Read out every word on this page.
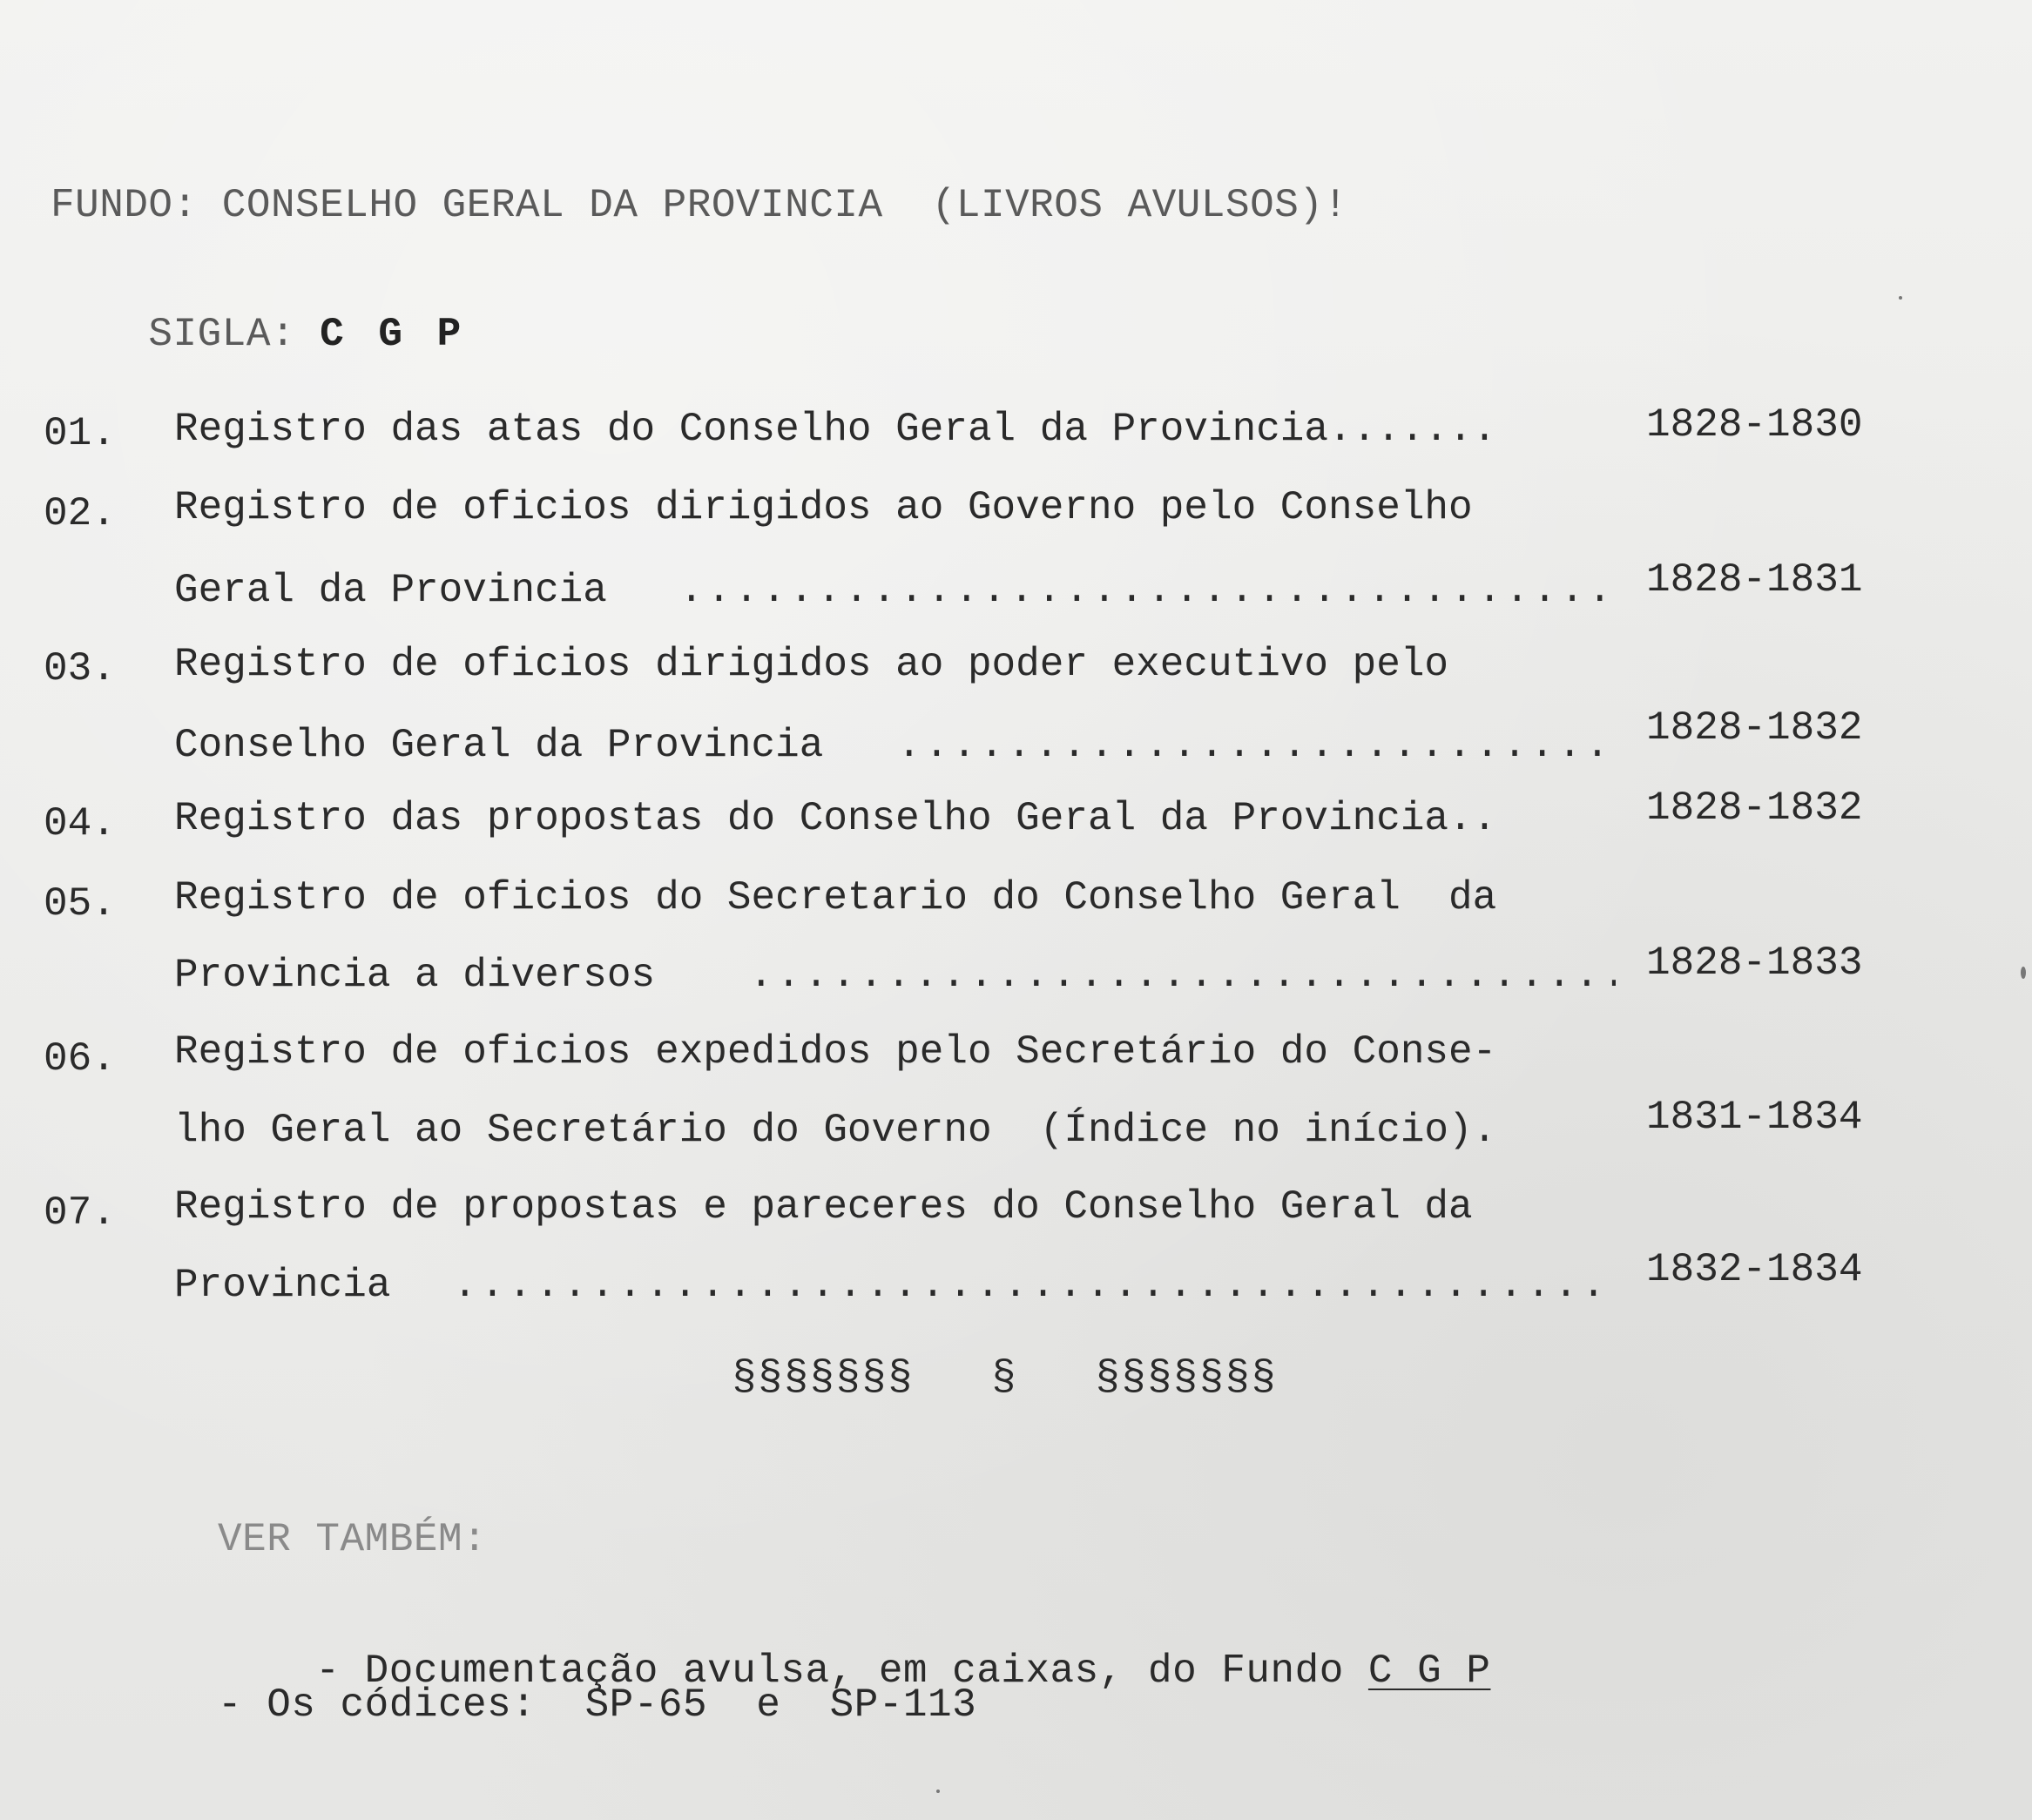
FUNDO: CONSELHO GERAL DA PROVINCIA  (LIVROS AVULSOS)!

SIGLA: C G P

01. Registro das atas do Conselho Geral da Provincia.......	1828-1830
02. Registro de oficios dirigidos ao Governo pelo Conselho
Geral da Provincia .....	1828-1831
03. Registro de oficios dirigidos ao poder executivo pelo
Conselho Geral da Provincia .....	1828-1832
04. Registro das propostas do Conselho Geral da Provincia..	1828-1832
05. Registro de oficios do Secretario do Conselho Geral  da
Provincia a diversos .....	1828-1833
06. Registro de oficios expedidos pelo Secretário do Conse-
lho Geral ao Secretário do Governo  (Índice no início).	1831-1834
07. Registro de propostas e pareceres do Conselho Geral da
Provincia .....	1832-1834
§§§§§§§   §   §§§§§§§
VER TAMBÉM:

- Documentação avulsa, em caixas, do Fundo C G P

- Os códices:  SP-65  e  SP-113
